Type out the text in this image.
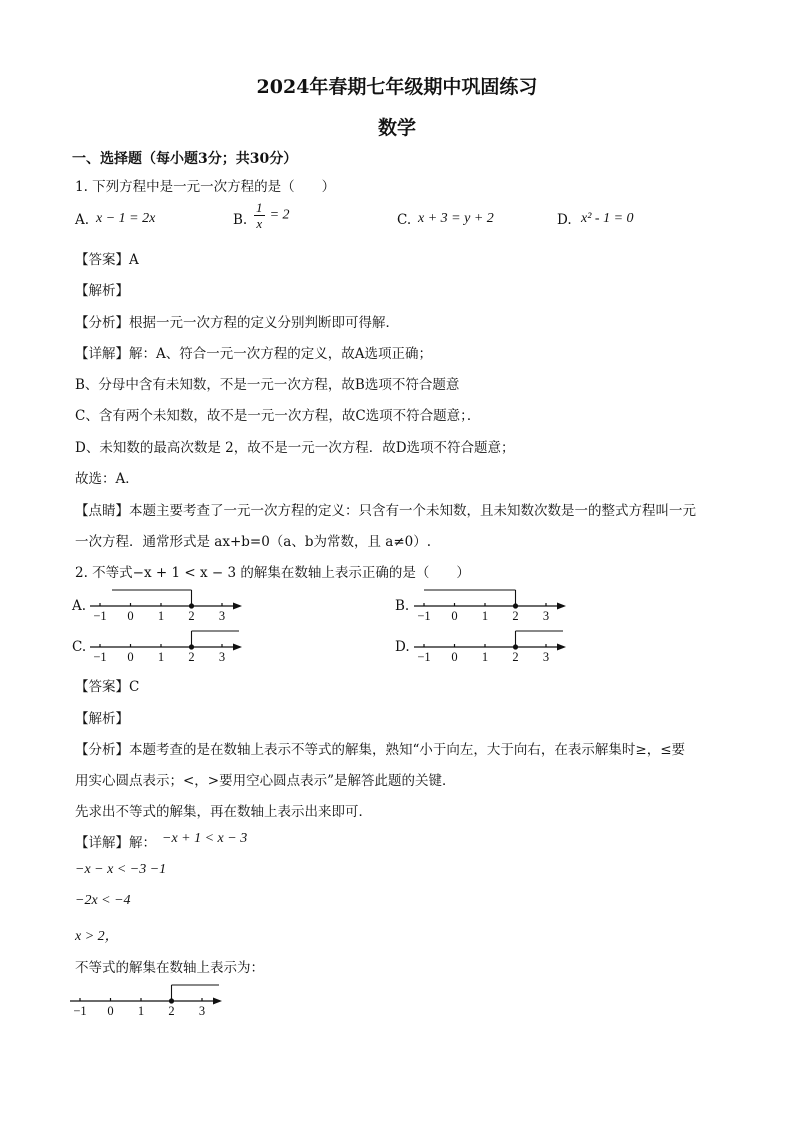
2024年春期七年级期中巩固练习
数学
一、选择题（每小题3分；共30分）
1. 下列方程中是一元一次方程的是（　　）
A. x − 1 = 2x	B. $\frac{1}{x} = 2$	C. x + 3 = y + 2	D. x² - 1 = 0
【答案】A
【解析】
【分析】根据一元一次方程的定义分别判断即可得解．
【详解】解：A、符合一元一次方程的定义，故A选项正确；
B、分母中含有未知数，不是一元一次方程，故B选项不符合题意
C、含有两个未知数，故不是一元一次方程，故C选项不符合题意；．
D、未知数的最高次数是 2，故不是一元一次方程．故D选项不符合题意；
故选：A．
【点睛】本题主要考查了一元一次方程的定义：只含有一个未知数，且未知数次数是一的整式方程叫一元
一次方程．通常形式是 ax+b=0（a、b为常数，且 a≠0）.
2. 不等式−x + 1 < x − 3 的解集在数轴上表示正确的是（　　）
A.	B.
C.	D.
−1 0 1 2 3	−1 0 1 2 3
−1 0 1 2 3	−1 0 1 2 3
【答案】C
【解析】
【分析】本题考查的是在数轴上表示不等式的解集，熟知“小于向左，大于向右，在表示解集时≥，≤要
用实心圆点表示；<，>要用空心圆点表示”是解答此题的关键．
先求出不等式的解集，再在数轴上表示出来即可．
【详解】解： −x + 1 < x − 3
−x − x < −3 −1
−2x < −4
x > 2，
不等式的解集在数轴上表示为：
−1 0 1 2 3
